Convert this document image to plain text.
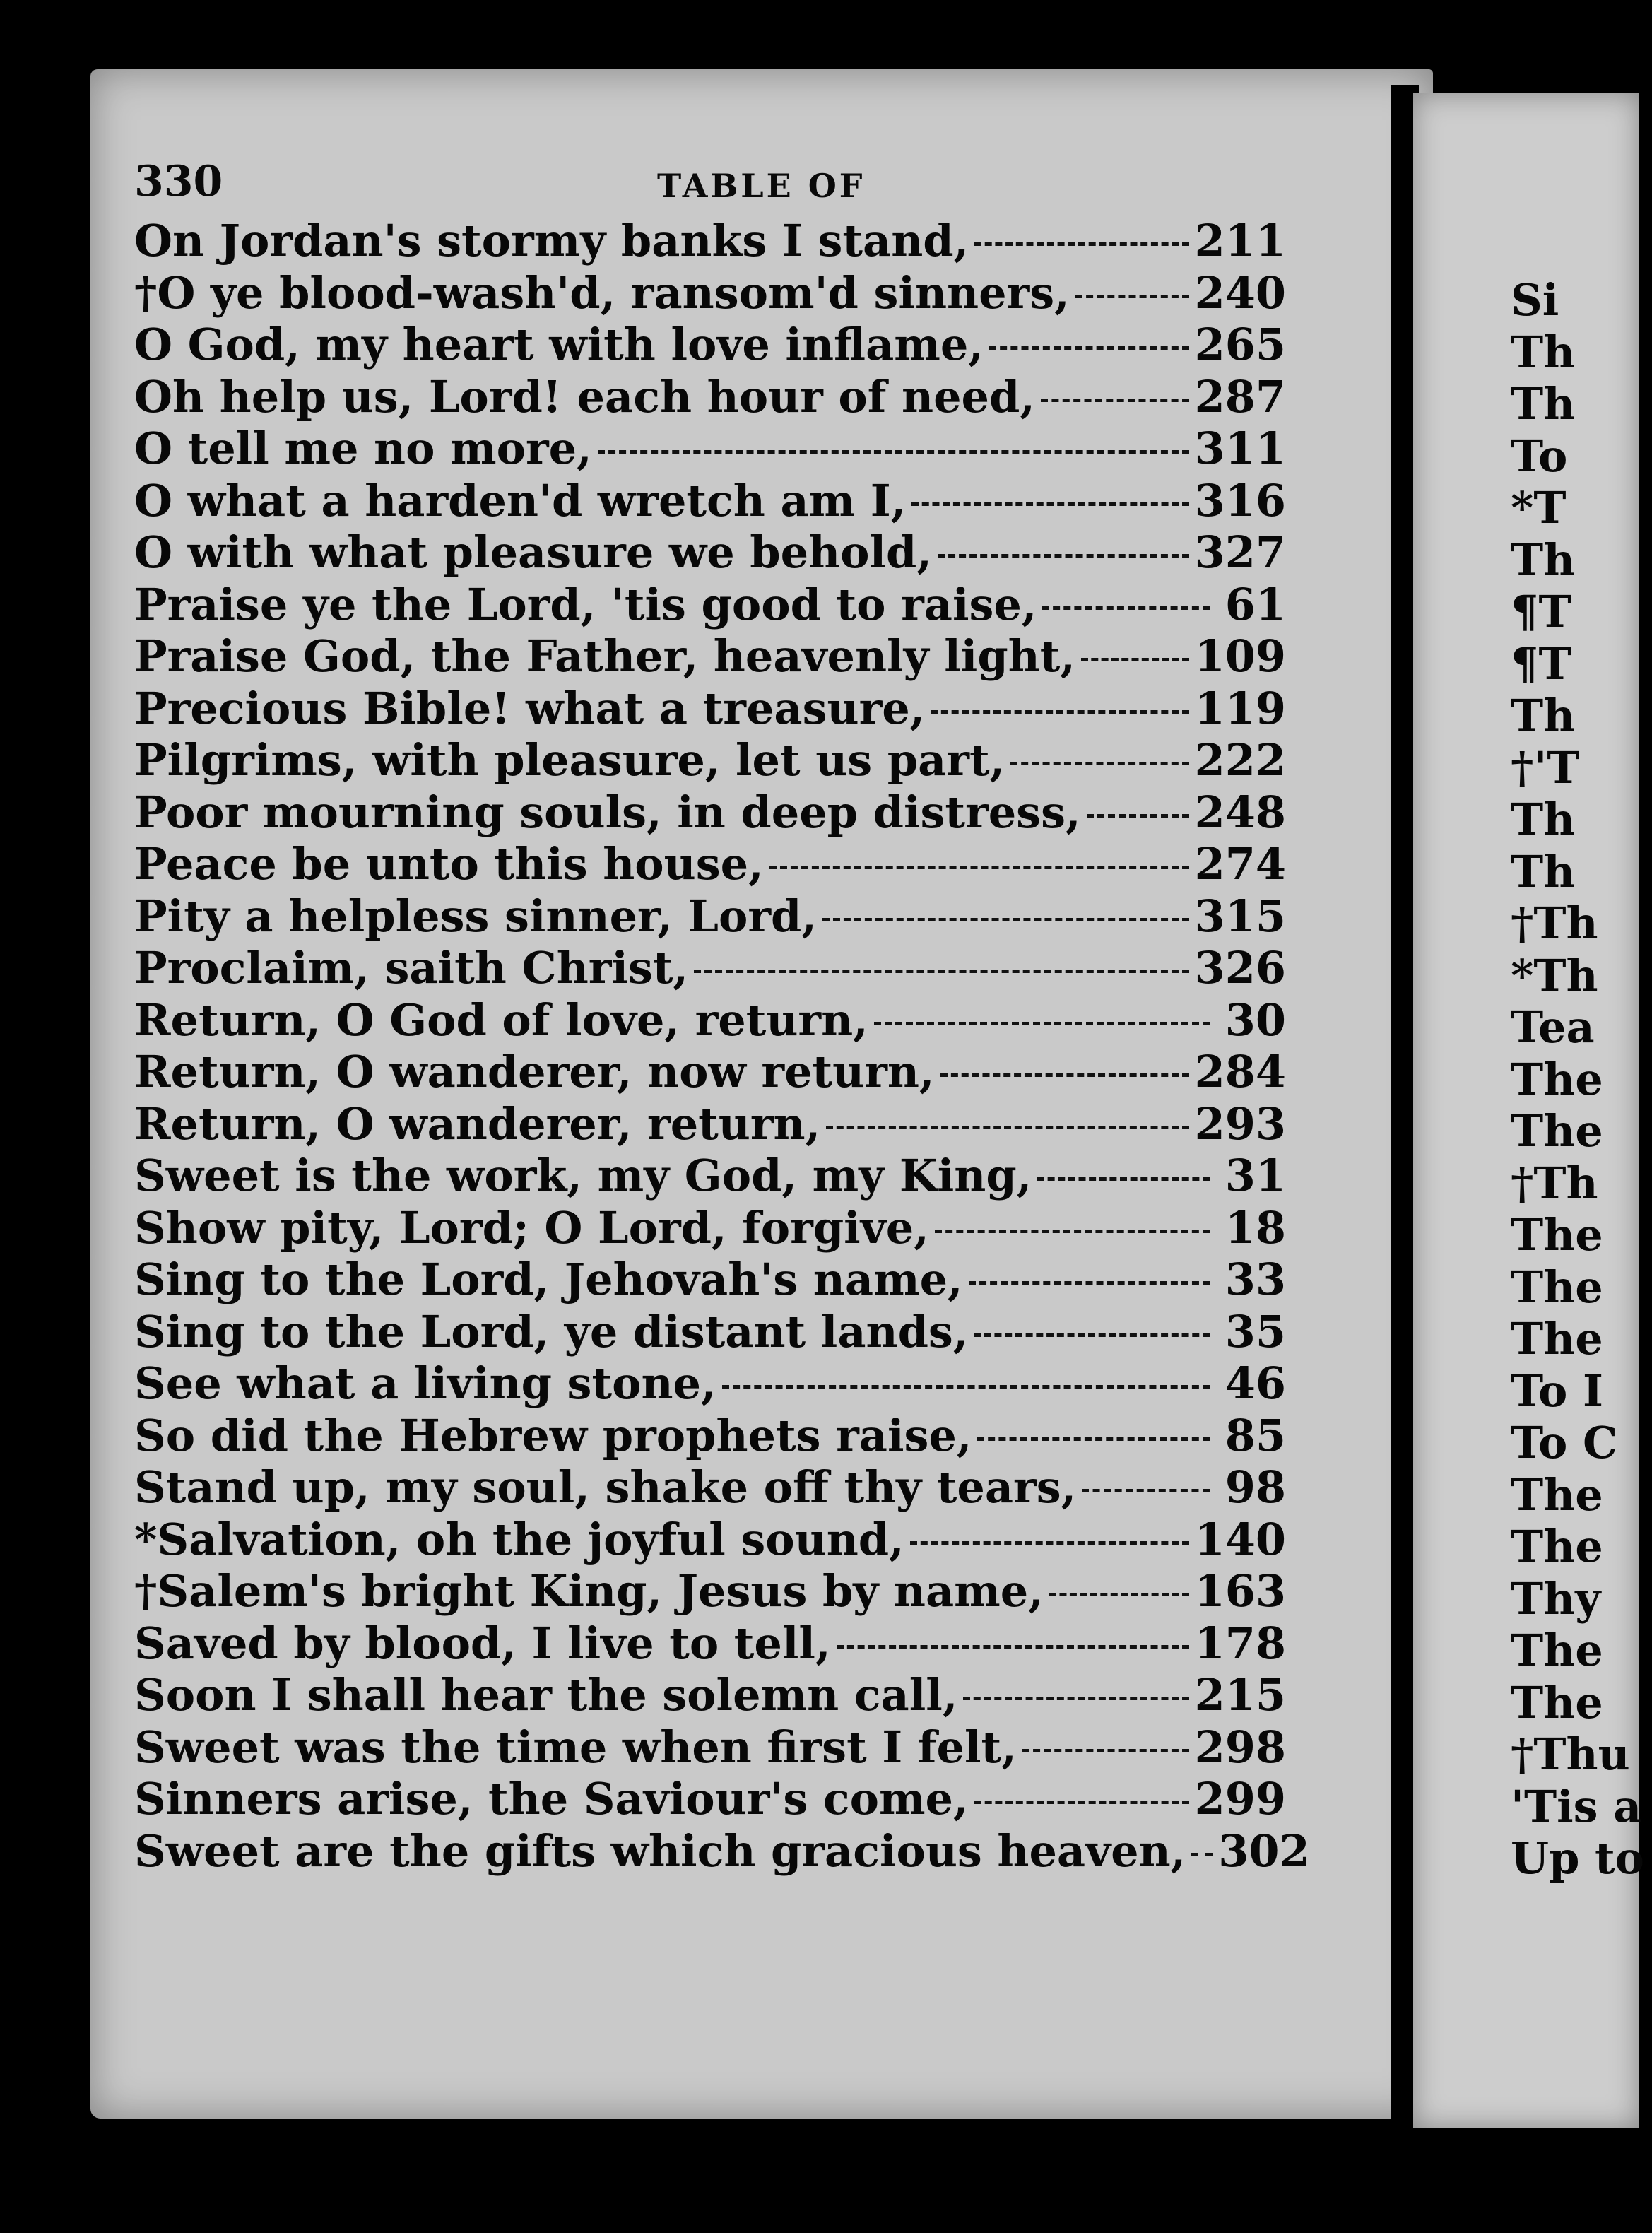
330	TABLE OF
On Jordan's stormy banks I stand,	211
†O ye blood-wash'd, ransom'd sinners,	240
O God, my heart with love inflame,	265
Oh help us, Lord! each hour of need,	287
O tell me no more,	311
O what a harden'd wretch am I,	316
O with what pleasure we behold,	327
Praise ye the Lord, 'tis good to raise,	61
Praise God, the Father, heavenly light,	109
Precious Bible! what a treasure,	119
Pilgrims, with pleasure, let us part,	222
Poor mourning souls, in deep distress,	248
Peace be unto this house,	274
Pity a helpless sinner, Lord,	315
Proclaim, saith Christ,	326
Return, O God of love, return,	30
Return, O wanderer, now return,	284
Return, O wanderer, return,	293
Sweet is the work, my God, my King,	31
Show pity, Lord; O Lord, forgive,	18
Sing to the Lord, Jehovah's name,	33
Sing to the Lord, ye distant lands,	35
See what a living stone,	46
So did the Hebrew prophets raise,	85
Stand up, my soul, shake off thy tears,	98
*Salvation, oh the joyful sound,	140
†Salem's bright King, Jesus by name,	163
Saved by blood, I live to tell,	178
Soon I shall hear the solemn call,	215
Sweet was the time when first I felt,	298
Sinners arise, the Saviour's come,	299
Sweet are the gifts which gracious heaven, 302
Si
Th
Th
To
*T
Th
¶T
¶T
Th
†'T
Th
Th
†Th
*Th
Tea
The
The
†Th
The
The
The
To I
To C
The
The
Thy
The
The
†Thu
'Tis a
Up to
